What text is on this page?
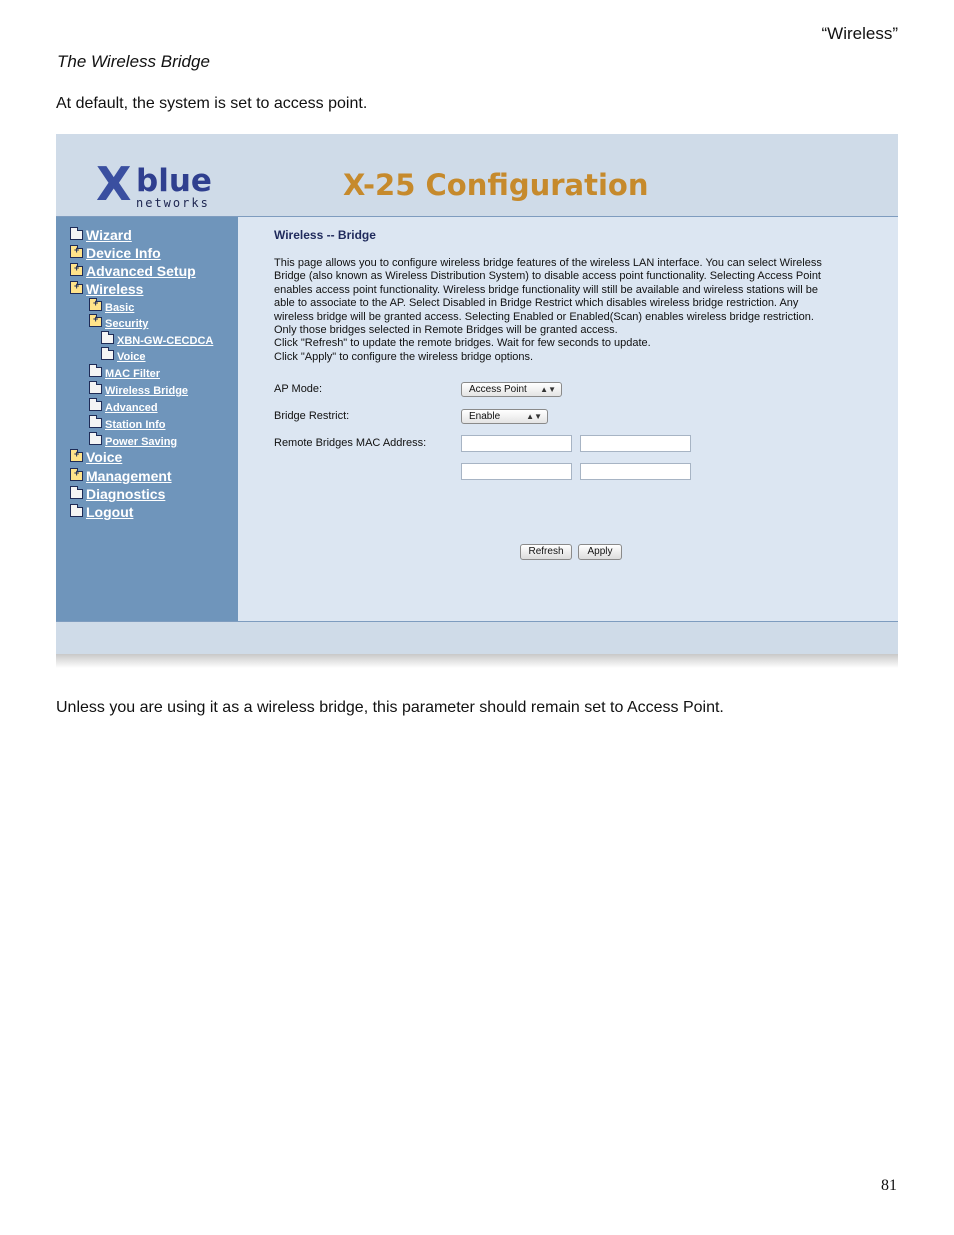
“Wireless”
The Wireless Bridge
At default, the system is set to access point.
X blue
networks
X-25 Configuration
Wizard
+
Device Info
+
Advanced Setup
+
Wireless
+
Basic
+
Security
XBN-GW-CECDCA
Voice
MAC Filter
Wireless Bridge
Advanced
Station Info
Power Saving
+
Voice
+
Management
Diagnostics
Logout
Wireless -- Bridge

This page allows you to configure wireless bridge features of the wireless LAN interface. You can select Wireless
Bridge (also known as Wireless Distribution System) to disable access point functionality. Selecting Access Point
enables access point functionality. Wireless bridge functionality will still be available and wireless stations will be
able to associate to the AP. Select Disabled in Bridge Restrict which disables wireless bridge restriction. Any
wireless bridge will be granted access. Selecting Enabled or Enabled(Scan) enables wireless bridge restriction.
Only those bridges selected in Remote Bridges will be granted access.
Click "Refresh" to update the remote bridges. Wait for few seconds to update.
Click "Apply" to configure the wireless bridge options.

AP Mode:	Access Point ▲▼
Bridge Restrict:	Enable	▲▼
Remote Bridges MAC Address:
Refresh	Apply
Unless you are using it as a wireless bridge, this parameter should remain set to Access Point.
81
